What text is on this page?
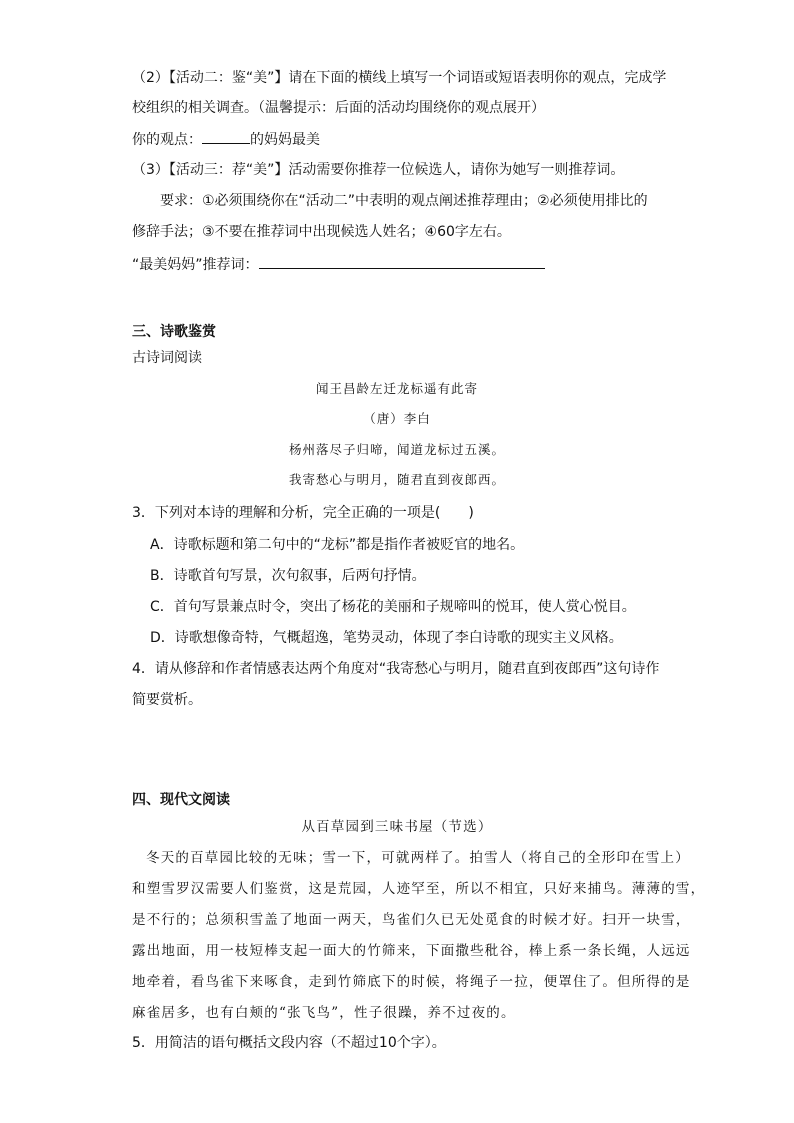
（2）【活动二：鉴“美”】请在下面的横线上填写一个词语或短语表明你的观点，完成学
校组织的相关调查。（温馨提示：后面的活动均围绕你的观点展开）
你的观点：	的妈妈最美
（3）【活动三：荐“美”】活动需要你推荐一位候选人，请你为她写一则推荐词。
要求：①必须围绕你在“活动二”中表明的观点阐述推荐理由；②必须使用排比的
修辞手法；③不要在推荐词中出现候选人姓名；④60字左右。
“最美妈妈”推荐词：
三、诗歌鉴赏
古诗词阅读
闻王昌龄左迁龙标遥有此寄
（唐）李白
杨州落尽子归啼，闻道龙标过五溪。
我寄愁心与明月，随君直到夜郎西。
3．下列对本诗的理解和分析，完全正确的一项是(　　)
A．诗歌标题和第二句中的“龙标”都是指作者被贬官的地名。
B．诗歌首句写景，次句叙事，后两句抒情。
C．首句写景兼点时令，突出了杨花的美丽和子规啼叫的悦耳，使人赏心悦目。
D．诗歌想像奇特，气概超逸，笔势灵动，体现了李白诗歌的现实主义风格。
4．请从修辞和作者情感表达两个角度对“我寄愁心与明月，随君直到夜郎西”这句诗作
简要赏析。
四、现代文阅读
从百草园到三味书屋（节选）
冬天的百草园比较的无味；雪一下，可就两样了。拍雪人（将自己的全形印在雪上）
和塑雪罗汉需要人们鉴赏，这是荒园，人迹罕至，所以不相宜，只好来捕鸟。薄薄的雪，
是不行的；总须积雪盖了地面一两天，鸟雀们久已无处觅食的时候才好。扫开一块雪，
露出地面，用一枝短棒支起一面大的竹筛来，下面撒些秕谷，棒上系一条长绳，人远远
地牵着，看鸟雀下来啄食，走到竹筛底下的时候，将绳子一拉，便罩住了。但所得的是
麻雀居多，也有白颊的“张飞鸟”，性子很躁，养不过夜的。
5．用简洁的语句概括文段内容（不超过10个字）。
